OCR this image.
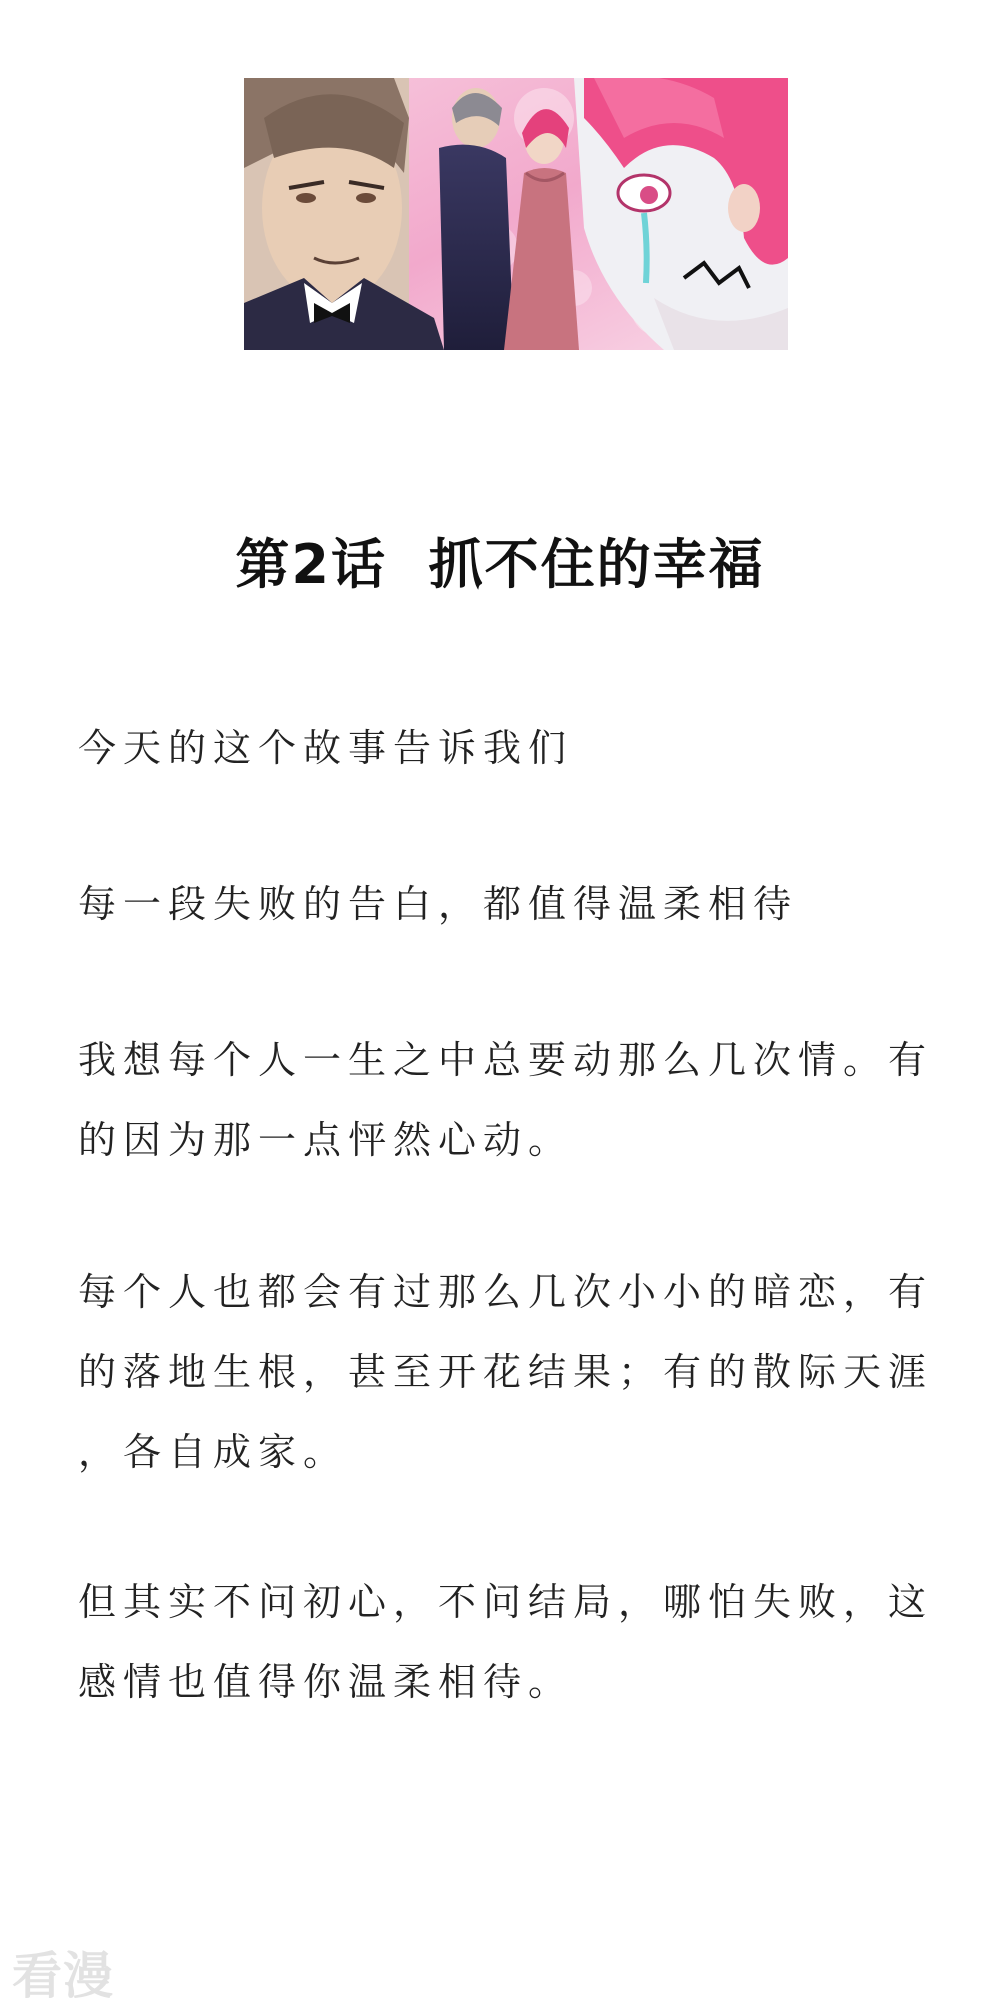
第2话  抓不住的幸福
今天的这个故事告诉我们
每一段失败的告白，都值得温柔相待
我想每个人一生之中总要动那么几次情。有
的因为那一点怦然心动。
每个人也都会有过那么几次小小的暗恋，有
的落地生根，甚至开花结果；有的散际天涯
，各自成家。
但其实不问初心，不问结局，哪怕失败，这
感情也值得你温柔相待。
看漫
